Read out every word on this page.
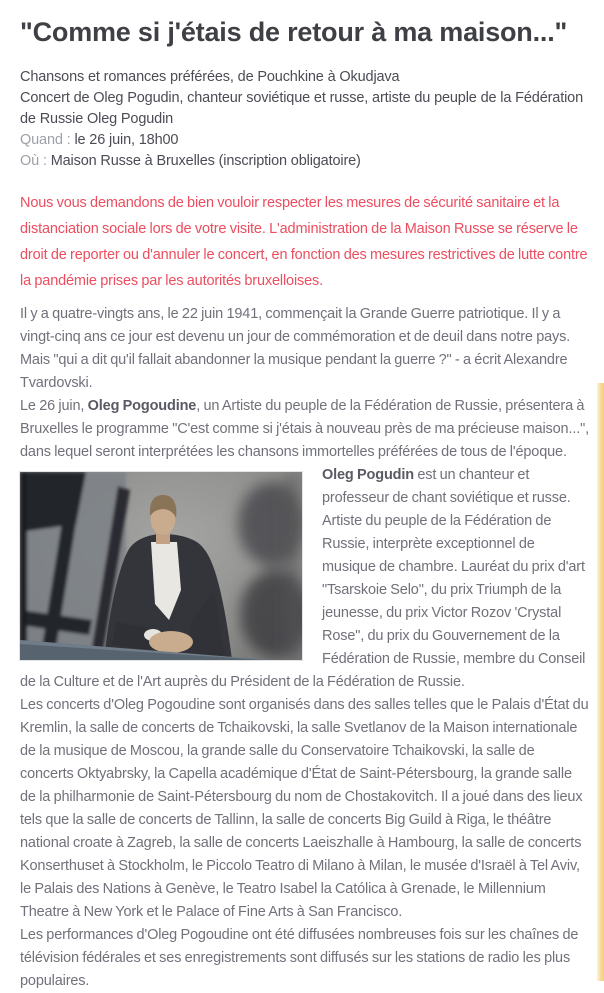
"Comme si j'étais de retour à ma maison..."
Chansons et romances préférées, de Pouchkine à Okudjava
Concert de Oleg Pogudin, chanteur soviétique et russe, artiste du peuple de la Fédération de Russie Oleg Pogudin
Quand : le 26 juin, 18h00
Où : Maison Russe à Bruxelles (inscription obligatoire)

Nous vous demandons de bien vouloir respecter les mesures de sécurité sanitaire et la distanciation sociale lors de votre visite. L'administration de la Maison Russe se réserve le droit de reporter ou d'annuler le concert, en fonction des mesures restrictives de lutte contre la pandémie prises par les autorités bruxelloises.

Il y a quatre-vingts ans, le 22 juin 1941, commençait la Grande Guerre patriotique. Il y a vingt-cinq ans ce jour est devenu un jour de commémoration et de deuil dans notre pays. Mais "qui a dit qu'il fallait abandonner la musique pendant la guerre ?" - a écrit Alexandre Tvardovski.

Le 26 juin, Oleg Pogoudine, un Artiste du peuple de la Fédération de Russie, présentera à Bruxelles le programme "C'est comme si j'étais à nouveau près de ma précieuse maison...", dans lequel seront interprétées les chansons immortelles préférées de tous de l'époque.

Oleg Pogudin est un chanteur et professeur de chant soviétique et russe. Artiste du peuple de la Fédération de Russie, interprète exceptionnel de musique de chambre. Lauréat du prix d'art "Tsarskoie Selo", du prix Triumph de la jeunesse, du prix Victor Rozov 'Crystal Rose", du prix du Gouvernement de la Fédération de Russie, membre du Conseil de la Culture et de l'Art auprès du Président de la Fédération de Russie.

Les concerts d'Oleg Pogoudine sont organisés dans des salles telles que le Palais d'État du Kremlin, la salle de concerts de Tchaikovski, la salle Svetlanov de la Maison internationale de la musique de Moscou, la grande salle du Conservatoire Tchaikovski, la salle de concerts Oktyabrsky, la Capella académique d'État de Saint-Pétersbourg, la grande salle de la philharmonie de Saint-Pétersbourg du nom de Chostakovitch. Il a joué dans des lieux tels que la salle de concerts de Tallinn, la salle de concerts Big Guild à Riga, le théâtre national croate à Zagreb, la salle de concerts Laeiszhalle à Hambourg, la salle de concerts Konserthuset à Stockholm, le Piccolo Teatro di Milano à Milan, le musée d'Israël à Tel Aviv, le Palais des Nations à Genève, le Teatro Isabel la Católica à Grenade, le Millennium Theatre à New York et le Palace of Fine Arts à San Francisco.

Les performances d'Oleg Pogoudine ont été diffusées nombreuses fois sur les chaînes de télévision fédérales et ses enregistrements sont diffusés sur les stations de radio les plus populaires.
